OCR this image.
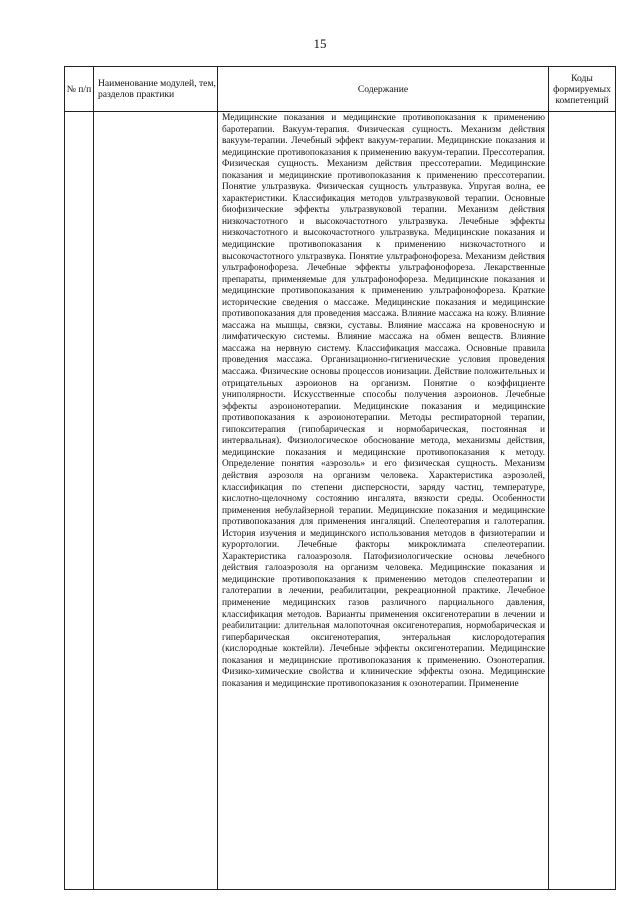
15
№ п/п	Наименование модулей, тем, разделов практики	Содержание	Коды формируемых компетенций

		Медицинские показания и медицинские противопоказания к применению баротерапии. Вакуум-терапия. Физическая сущность. Механизм действия вакуум-терапии. Лечебный эффект вакуум-терапии. Медицинские показания и медицинские противопоказания к применению вакуум-терапии. Прессотерапия. Физическая сущность. Механизм действия прессотерапии. Медицинские показания и медицинские противопоказания к применению прессотерапии. Понятие ультразвука. Физическая сущность ультразвука. Упругая волна, ее характеристики. Классификация методов ультразвуковой терапии. Основные биофизические эффекты ультразвуковой терапии. Механизм действия низкочастотного и высокочастотного ультразвука. Лечебные эффекты низкочастотного и высокочастотного ультразвука. Медицинские показания и медицинские противопоказания к применению низкочастотного и высокочастотного ультразвука. Понятие ультрафонофореза. Механизм действия ультрафонофореза. Лечебные эффекты ультрафонофореза. Лекарственные препараты, применяемые для ультрафонофореза. Медицинские показания и медицинские противопоказания к применению ультрафонофореза. Краткие исторические сведения о массаже. Медицинские показания и медицинские противопоказания для проведения массажа. Влияние массажа на кожу. Влияние массажа на мышцы, связки, суставы. Влияние массажа на кровеносную и лимфатическую системы. Влияние массажа на обмен веществ. Влияние массажа на нервную систему. Классификация массажа. Основные правила проведения массажа. Организационно-гигиенические условия проведения массажа. Физические основы процессов ионизации. Действие положительных и отрицательных аэроионов на организм. Понятие о коэффициенте униполярности. Искусственные способы получения аэроионов. Лечебные эффекты аэроионотерапии. Медицинские показания и медицинские противопоказания к аэроионотерапии. Методы респираторной терапии, гипокситерапия (гипобарическая и нормобарическая, постоянная и интервальная). Физиологическое обоснование метода, механизмы действия, медицинские показания и медицинские противопоказания к методу. Определение понятия «аэрозоль» и его физическая сущность. Механизм действия аэрозоля на организм человека. Характеристика аэрозолей, классификация по степени дисперсности, заряду частиц, температуре, кислотно-щелочному состоянию ингалята, вязкости среды. Особенности применения небулайзерной терапии. Медицинские показания и медицинские противопоказания для применения ингаляций. Спелеотерапия и галотерапия. История изучения и медицинского использования методов в физиотерапии и курортологии. Лечебные факторы микроклимата спелеотерапии. Характеристика галоаэрозоля. Патофизиологические основы лечебного действия галоаэрозоля на организм человека. Медицинские показания и медицинские противопоказания к применению методов спелеотерапии и галотерапии в лечении, реабилитации, рекреационной практике. Лечебное применение медицинских газов различного парциального давления, классификация методов. Варианты применения оксигенотерапии в лечении и реабилитации: длительная малопоточная оксигенотерапия, нормобарическая и гипербарическая оксигенотерапия, энтеральная кислородотерапия (кислородные коктейли). Лечебные эффекты оксигенотерапии. Медицинские показания и медицинские противопоказания к применению. Озонотерапия. Физико-химические свойства и клинические эффекты озона. Медицинские показания и медицинские противопоказания к озонотерапии. Применение	
